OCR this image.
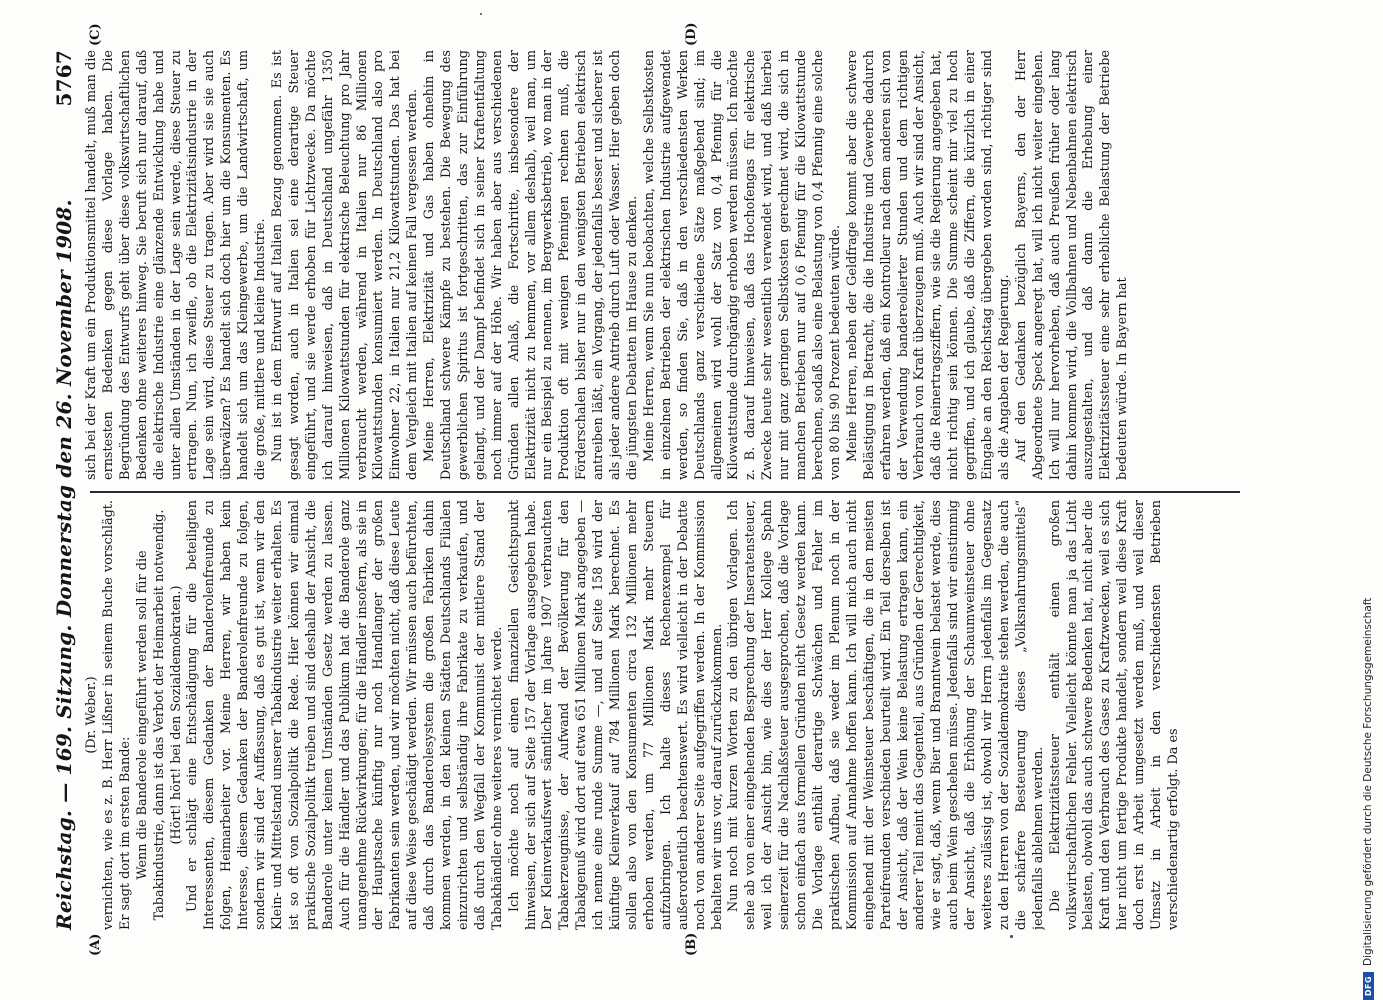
Reichstag. — 169. Sitzung. Donnerstag den 26. November 1908.
5767
(A)	(B)
(C)	(D)

(Dr. Weber.) vernichten, wie es z. B. Herr Lißner in seinem Buche vorschlägt. Er sagt dort im ersten Bande: Wenn die Banderole eingeführt werden soll für die Tabakindustrie, dann ist das Verbot der Heimarbeit notwendig. (Hört! hört! bei den Sozialdemokraten.) Und er schlägt eine Entschädigung für die beteiligten Interessenten, diesem Gedanken der Banderolenfreunde zu folgen, Heimarbeiter vor. Meine Herren, wir haben kein Interesse, diesem Gedanken der Banderolenfreunde zu folgen, sondern wir sind der Auffassung, daß es gut ist, wenn wir den Klein- und Mittelstand unserer Tabakindustrie weiter erhalten. Es ist so oft von Sozialpolitik die Rede. Hier können wir einmal praktische Sozialpolitik treiben und sind deshalb der Ansicht, die Banderole unter keinen Umständen Gesetz werden zu lassen. Auch für die Händler und das Publikum hat die Banderole ganz unangenehme Rückwirkungen; für die Händler insofern, als sie in der Hauptsache künftig nur noch Handlanger der großen Fabrikanten sein werden, und wir möchten nicht, daß diese Leute auf diese Weise geschädigt werden. Wir müssen auch befürchten, daß durch das Banderolesystem die großen Fabriken dahin kommen werden, in den kleinen Städten Deutschlands Filialen einzurichten und selbständig ihre Fabrikate zu verkaufen, und daß durch den Wegfall der Kommunist der mittlere Stand der Tabakhändler ohne weiteres vernichtet werde. Ich möchte noch auf einen finanziellen Gesichtspunkt hinweisen, der sich auf Seite 157 der Vorlage ausgegeben habe. Der Kleinverkaufswert sämtlicher im Jahre 1907 verbrauchten Tabakerzeugnisse, der Aufwand der Bevölkerung für den Tabakgenuß wird dort auf etwa 651 Millionen Mark angegeben — ich nenne eine runde Summe —, und auf Seite 158 wird der künftige Kleinverkauf auf 784 Millionen Mark berechnet. Es sollen also von den Konsumenten circa 132 Millionen mehr erhoben werden, um 77 Millionen Mark mehr Steuern aufzubringen. Ich halte dieses Rechenexempel für außerordentlich beachtenswert. Es wird vielleicht in der Debatte noch von anderer Seite aufgegriffen werden. In der Kommission behalten wir uns vor, darauf zurückzukommen. Nun noch mit kurzen Worten zu den übrigen Vorlagen. Ich sehe ab von einer eingehenden Besprechung der Inseratensteuer, weil ich der Ansicht bin, wie dies der Herr Kollege Spahn seinerzeit für die Nachlaßsteuer ausgesprochen, daß die Vorlage schon einfach aus formellen Gründen nicht Gesetz werden kann. Die Vorlage enthält derartige Schwächen und Fehler im praktischen Aufbau, daß sie weder im Plenum noch in der Kommission auf Annahme hoffen kann. Ich will mich auch nicht eingehend mit der Weinsteuer beschäftigen, die in den meisten Parteifreunden verschieden beurteilt wird. Ein Teil derselben ist der Ansicht, daß der Wein keine Belastung ertragen kann, ein anderer Teil meint das Gegenteil, aus Gründen der Gerechtigkeit, wie er sagt, daß, wenn Bier und Branntwein belastet werde, dies auch beim Wein geschehen müsse. Jedenfalls sind wir einstimmig der Ansicht, daß die Erhöhung der Schaumweinsteuer ohne weiteres zulässig ist, obwohl wir Herrn jedenfalls im Gegensatz zu den Herren von der Sozialdemokratie stehen werden, die auch die schärfere Besteuerung dieses „Volksnahrungsmittels“ jedenfalls ablehnen werden. Die Elektrizitätssteuer enthält einen großen volkswirtschaftlichen Fehler. Vielleicht könnte man ja das Licht belasten, obwohl das auch schwere Bedenken hat, nicht aber die Kraft und den Verbrauch des Gases zu Kraftzwecken, weil es sich hier nicht um fertige Produkte handelt, sondern weil diese Kraft doch erst in Arbeit umgesetzt werden muß, und weil dieser Umsatz in Arbeit in den verschiedensten Betrieben verschiedenartig erfolgt. Da es

sich bei der Kraft um ein Produktionsmittel handelt, muß man die ernstesten Bedenken gegen diese Vorlage haben. Die Begründung des Entwurfs geht über diese volkswirtschaftlichen Bedenken ohne weiteres hinweg. Sie beruft sich nur darauf, daß die elektrische Industrie eine glänzende Entwicklung habe und unter allen Umständen in der Lage sein werde, diese Steuer zu ertragen. Nun, ich zweifle, ob die Elektrizitätsindustrie in der Lage sein wird, diese Steuer zu tragen. Aber wird sie sie auch überwälzen? Es handelt sich doch hier um die Konsumenten. Es handelt sich um das Kleingewerbe, um die Landwirtschaft, um die große, mittlere und kleine Industrie. Nun ist in dem Entwurf auf Italien Bezug genommen. Es ist gesagt worden, auch in Italien sei eine derartige Steuer eingeführt, und sie werde erhoben für Lichtzwecke. Da möchte ich darauf hinweisen, daß in Deutschland ungefähr 1350 Millionen Kilowattstunden für elektrische Beleuchtung pro Jahr verbraucht werden, während in Italien nur 86 Millionen Kilowattstunden konsumiert werden. In Deutschland also pro Einwohner 22, in Italien nur 21,2 Kilowattstunden. Das hat bei dem Vergleich mit Italien auf keinen Fall vergessen werden. Meine Herren, Elektrizität und Gas haben ohnehin in Deutschland schwere Kämpfe zu bestehen. Die Bewegung des gewerblichen Spiritus ist fortgeschritten, das zur Einführung gelangt, und der Dampf befindet sich in seiner Kraftentfaltung noch immer auf der Höhe. Wir haben aber aus verschiedenen Gründen allen Anlaß, die Fortschritte, insbesondere der Elektrizität nicht zu hemmen, vor allem deshalb, weil man, um nur ein Beispiel zu nennen, im Bergwerksbetrieb, wo man in der Produktion oft mit wenigen Pfennigen rechnen muß, die Förderschalen bisher nur in den wenigsten Betrieben elektrisch antreiben läßt, ein Vorgang, der jedenfalls besser und sicherer ist als jeder andere Antrieb durch Luft oder Wasser. Hier geben doch die jüngsten Debatten im Hause zu denken. Meine Herren, wenn Sie nun beobachten, welche Selbstkosten in einzelnen Betrieben der elektrischen Industrie aufgewendet werden, so finden Sie, daß in den verschiedensten Werken Deutschlands ganz verschiedene Sätze maßgebend sind; im allgemeinen wird wohl der Satz von 0,4 Pfennig für die Kilowattstunde durchgängig erhoben werden müssen. Ich möchte z. B. darauf hinweisen, daß das Hochofengas für elektrische Zwecke heute sehr wesentlich verwendet wird, und daß hierbei nur mit ganz geringen Selbstkosten gerechnet wird, die sich in manchen Betrieben nur auf 0,6 Pfennig für die Kilowattstunde berechnen, sodaß also eine Belastung von 0,4 Pfennig eine solche von 80 bis 90 Prozent bedeuten würde. Meine Herren, neben der Geldfrage kommt aber die schwere Belästigung in Betracht, die die Industrie und Gewerbe dadurch erfahren werden, daß ein Kontrolleur nach dem anderen sich von der Verwendung bandereolierter Stunden und dem richtigen Verbrauch von Kraft überzeugen muß. Auch wir sind der Ansicht, daß die Reinertragsziffern, wie sie die Regierung angegeben hat, nicht richtig sein können. Die Summe scheint mir viel zu hoch gegriffen, und ich glaube, daß die Ziffern, die kürzlich in einer Eingabe an den Reichstag übergeben worden sind, richtiger sind als die Angaben der Regierung. Auf den Gedanken bezüglich Bayerns, den der Herr Abgeordnete Speck angeregt hat, will ich nicht weiter eingehen. Ich will nur hervorheben, daß auch Preußen früher oder lang dahin kommen wird, die Vollbahnen und Nebenbahnen elektrisch auszugestalten, und daß dann die Erhebung einer Elektrizitätssteuer eine sehr erhebliche Belastung der Betriebe bedeuten würde. In Bayern hat

DFG
Digitalisierung gefördert durch die Deutsche Forschungsgemeinschaft
